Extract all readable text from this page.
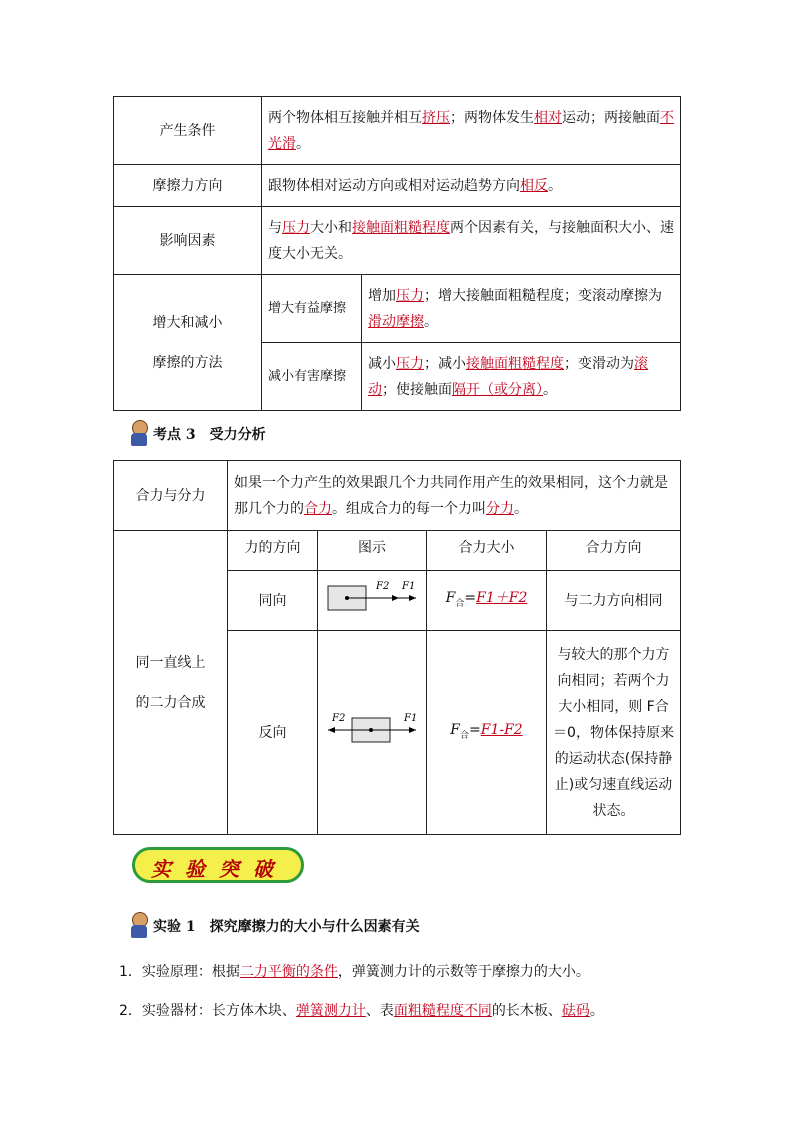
产生条件	两个物体相互接触并相互挤压；两物体发生相对运动；两接触面不光滑。	
摩擦力方向	跟物体相对运动方向或相对运动趋势方向相反。	
影响因素	与压力大小和接触面粗糙程度两个因素有关，与接触面积大小、速度大小无关。	

增大和减小
摩擦的方法	增大有益摩擦	增加压力；增大接触面粗糙程度；变滚动摩擦为滑动摩擦。
	减小有害摩擦	减小压力；减小接触面粗糙程度；变滑动为滚动；使接触面隔开（或分离）。
考点 3　受力分析
合力与分力	如果一个力产生的效果跟几个力共同作用产生的效果相同，这个力就是那几个力的合力。组成合力的每一个力叫分力。			

同一直线上
的二力合成	力的方向	图示	合力大小	合力方向
	同向	F2 F1	$F_合=F1+F2$	与二力方向相同
	反向	F2 F1	$F_合=F1-F2$	与较大的那个力方向相同；若两个力大小相同，则 F合＝0，物体保持原来的运动状态(保持静止)或匀速直线运动状态。
实验突破
实验 1　探究摩擦力的大小与什么因素有关
1．实验原理：根据二力平衡的条件，弹簧测力计的示数等于摩擦力的大小。
2．实验器材：长方体木块、弹簧测力计、表面粗糙程度不同的长木板、砝码。
